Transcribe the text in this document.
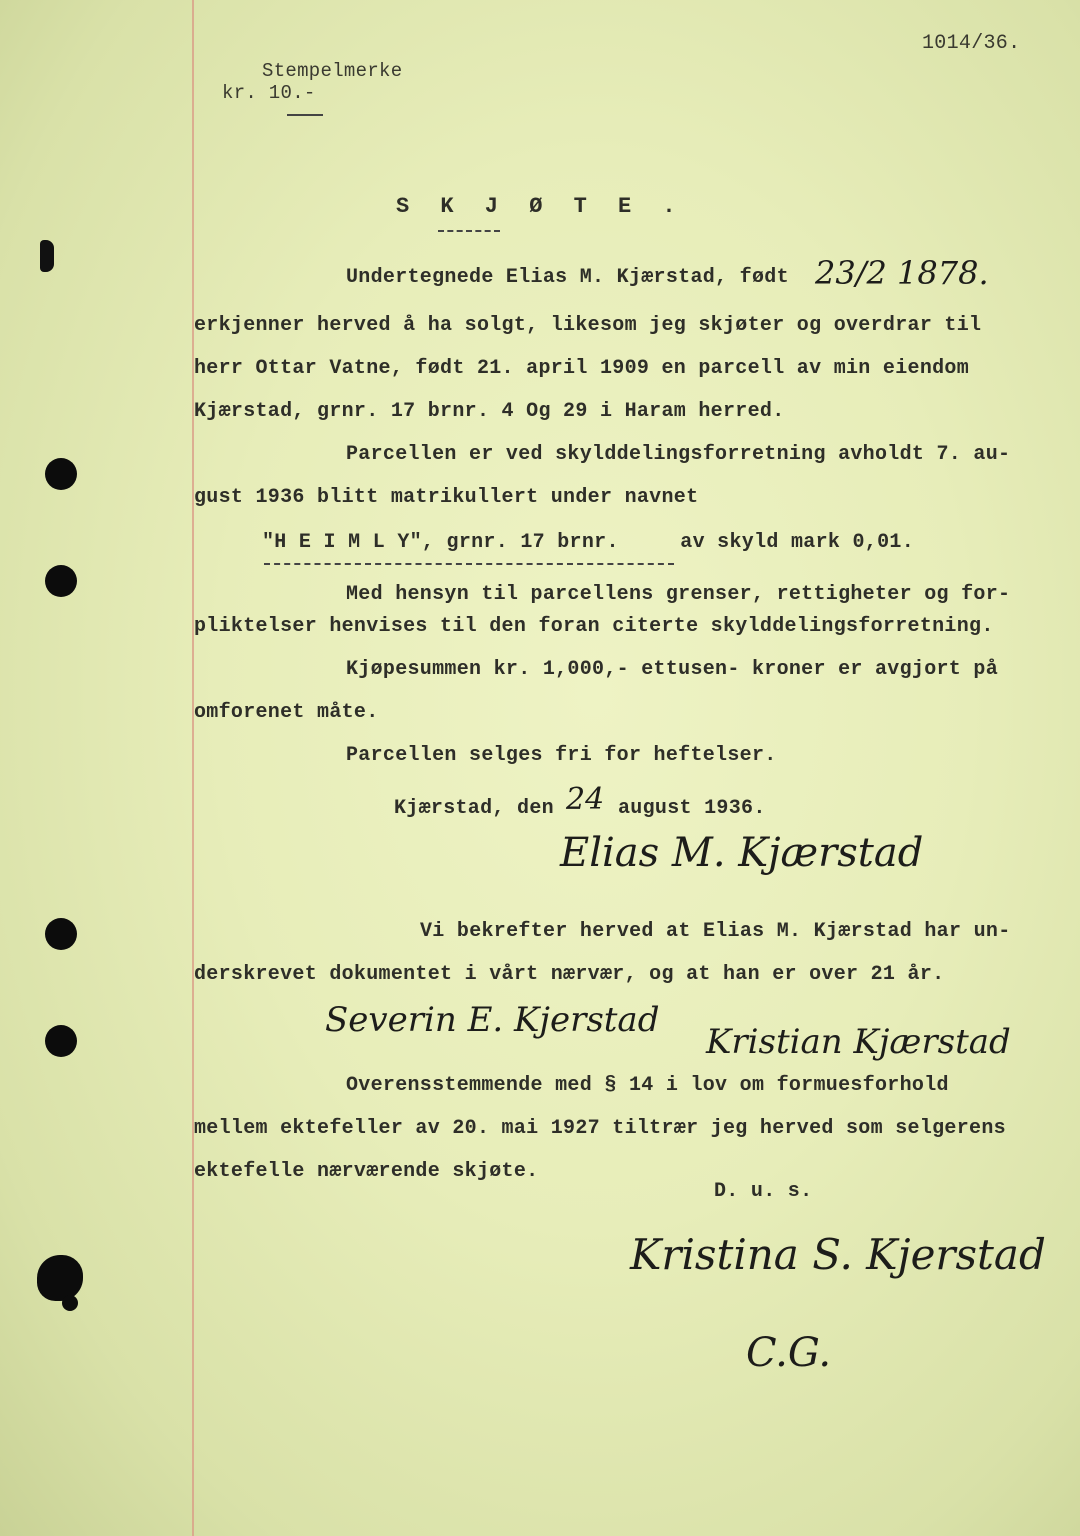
1014/36.
Stempelmerke
kr. 10.-
S K J Ø T E .
Undertegnede Elias M. Kjærstad, født 23/2 1878.
erkjenner herved å ha solgt, likesom jeg skjøter og overdrar til
herr Ottar Vatne, født 21. april 1909 en parcell av min eiendom
Kjærstad, grnr. 17 brnr. 4 Og 29 i Haram herred.
Parcellen er ved skylddelingsforretning avholdt 7. au-
gust 1936 blitt matrikullert under navnet
"H E I M L Y", grnr. 17 brnr.     av skyld mark 0,01.
Med hensyn til parcellens grenser, rettigheter og for-
pliktelser henvises til den foran citerte skylddelingsforretning.
Kjøpesummen kr. 1,000,- ettusen- kroner er avgjort på
omforenet måte.
Parcellen selges fri for heftelser.
Kjærstad, den 24 august 1936.
Elias M. Kjærstad
Vi bekrefter herved at Elias M. Kjærstad har un-
derskrevet dokumentet i vårt nærvær, og at han er over 21 år.
Severin E. Kjerstad
Kristian Kjærstad
Overensstemmende med § 14 i lov om formuesforhold
mellem ektefeller av 20. mai 1927 tiltrær jeg herved som selgerens
ektefelle nærværende skjøte.
D. u. s.
Kristina S. Kjerstad
C.G.
